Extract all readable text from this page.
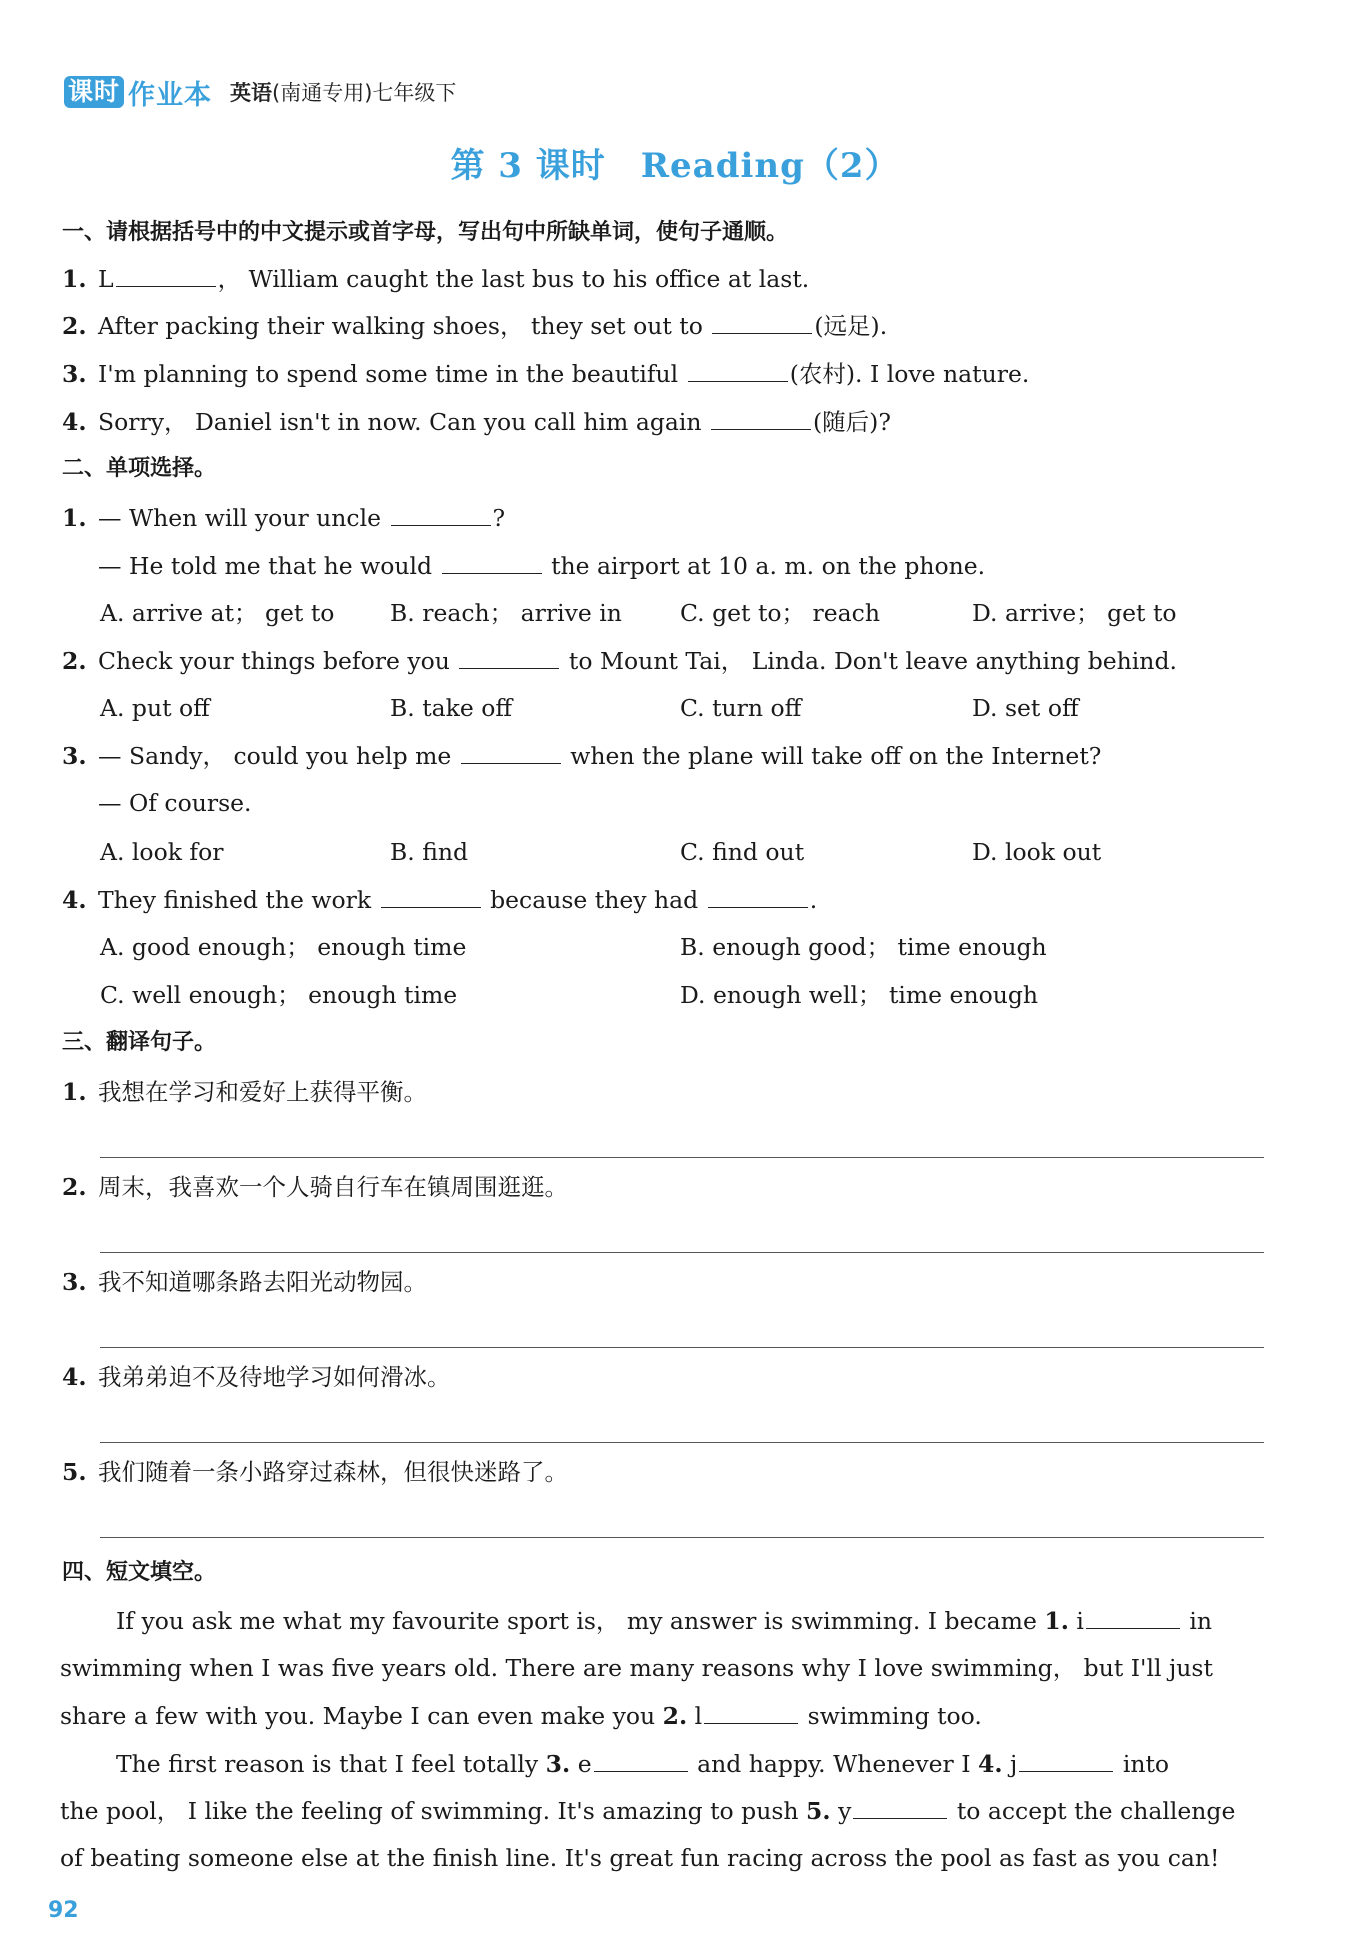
课时 作业本 英语(南通专用)七年级下
第 3 课时　Reading（2）
一、请根据括号中的中文提示或首字母，写出句中所缺单词，使句子通顺。
1. L	， William caught the last bus to his office at last.
2. After packing their walking shoes， they set out to	(远足).
3. I'm planning to spend some time in the beautiful	(农村). I love nature.
4. Sorry， Daniel isn't in now. Can you call him again	(随后)?
二、单项选择。
1. — When will your uncle	?
— He told me that he would	the airport at 10 a. m. on the phone.
A. arrive at； get to B. reach； arrive in C. get to； reach	D. arrive； get to
2. Check your things before you	to Mount Tai， Linda. Don't leave anything behind.
A. put off	B. take off	C. turn off	D. set off
3. — Sandy， could you help me	when the plane will take off on the Internet?
— Of course.
A. look for	B. find	C. find out	D. look out
4. They finished the work	because they had	.
A. good enough； enough time	B. enough good； time enough
C. well enough； enough time	D. enough well； time enough
三、翻译句子。
1. 我想在学习和爱好上获得平衡。
2. 周末，我喜欢一个人骑自行车在镇周围逛逛。
3. 我不知道哪条路去阳光动物园。
4. 我弟弟迫不及待地学习如何滑冰。
5. 我们随着一条小路穿过森林，但很快迷路了。
四、短文填空。
If you ask me what my favourite sport is， my answer is swimming. I became 1. i	in
swimming when I was five years old. There are many reasons why I love swimming， but I'll just
share a few with you. Maybe I can even make you 2. l	swimming too.
The first reason is that I feel totally 3. e	and happy. Whenever I 4. j	into
the pool， I like the feeling of swimming. It's amazing to push 5. y	to accept the challenge
of beating someone else at the finish line. It's great fun racing across the pool as fast as you can!
92
